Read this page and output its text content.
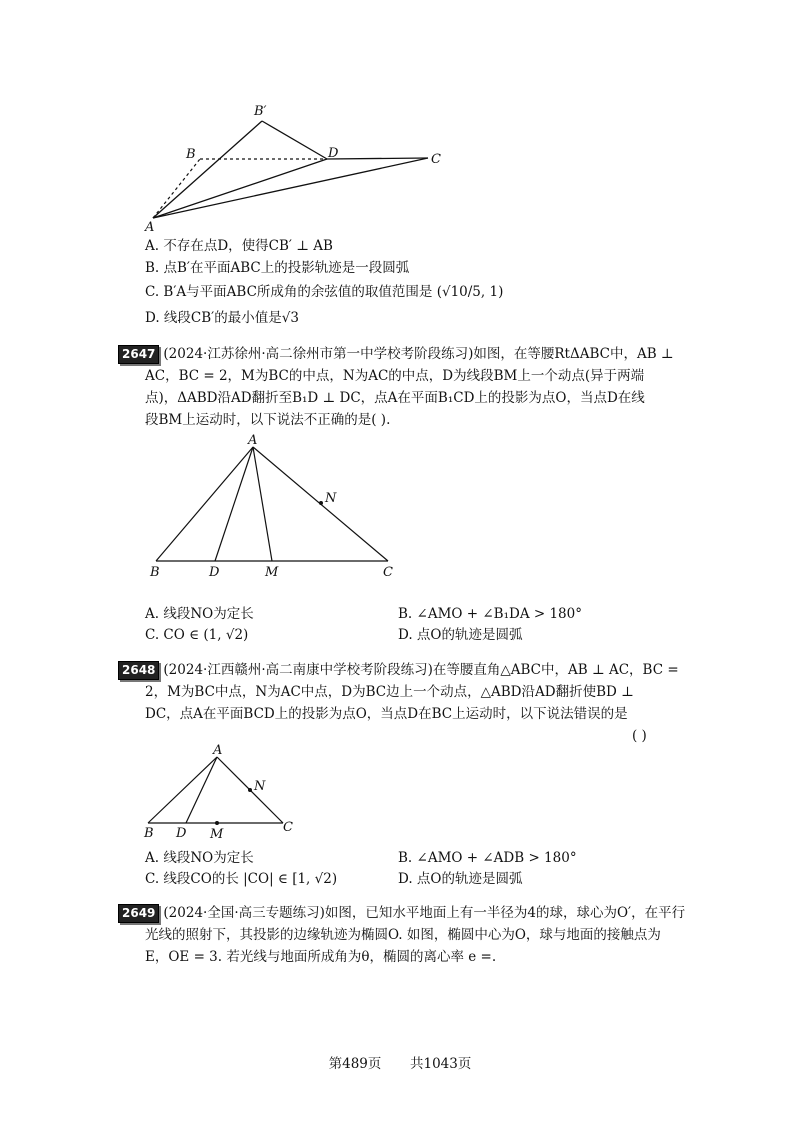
B′
B	D	C
A
A. 不存在点D，使得CB′ ⊥ AB
B. 点B′在平面ABC上的投影轨迹是一段圆弧
C. B′A与平面ABC所成角的余弦值的取值范围是 (√10/5, 1)
D. 线段CB′的最小值是√3
2647 (2024·江苏徐州·高二徐州市第一中学校考阶段练习)如图，在等腰RtΔABC中，AB ⊥
AC，BC = 2，M为BC的中点，N为AC的中点，D为线段BM上一个动点(异于两端
点)，ΔABD沿AD翻折至B₁D ⊥ DC，点A在平面B₁CD上的投影为点O，当点D在线
段BM上运动时，以下说法不正确的是( ).
A
N
B	D	M	C
A. 线段NO为定长	B. ∠AMO + ∠B₁DA > 180°
C. CO ∈ (1, √2)	D. 点O的轨迹是圆弧
2648 (2024·江西赣州·高二南康中学校考阶段练习)在等腰直角△ABC中，AB ⊥ AC，BC =
2，M为BC中点，N为AC中点，D为BC边上一个动点，△ABD沿AD翻折使BD ⊥
DC，点A在平面BCD上的投影为点O，当点D在BC上运动时，以下说法错误的是
( )
A
N
B D M	C
A. 线段NO为定长	B. ∠AMO + ∠ADB > 180°
C. 线段CO的长 |CO| ∈ [1, √2)	D. 点O的轨迹是圆弧
2649 (2024·全国·高三专题练习)如图，已知水平地面上有一半径为4的球，球心为O′，在平行
光线的照射下，其投影的边缘轨迹为椭圆O. 如图，椭圆中心为O，球与地面的接触点为
E，OE = 3. 若光线与地面所成角为θ，椭圆的离心率 e =.
第489页 共1043页
